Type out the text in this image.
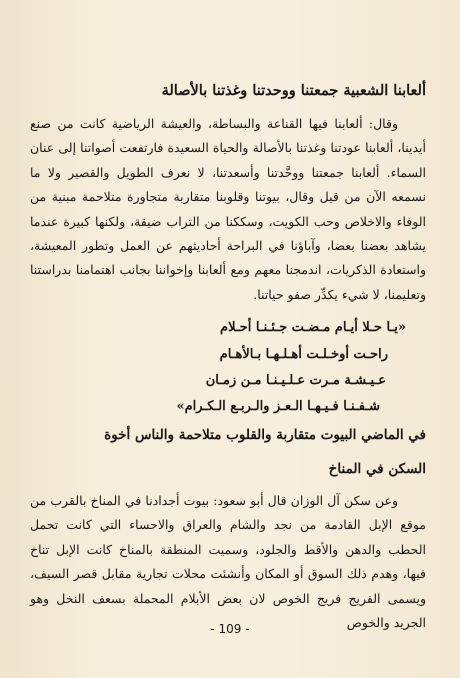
ألعابنا الشعبية جمعتنا ووحدتنا وغذتنا بالأصالة

وقال: ألعابنا فيها القناعة والبساطة، والعيشة الرياضية كانت من صنع أيدينا، ألعابنا عودتنا وغذتنا بالأصالة والحياة السعيدة فارتفعت أصواتنا إلى عنان السماء. ألعابنا جمعتنا ووحَّدتنا وأسعدتنا، لا نعرف الطويل والقصير ولا ما نسمعه الآن من قيل وقال، بيوتنا وقلوبنا متقاربة متجاورة متلاحمة مبنية من الوفاء والاخلاص وحب الكويت، وسككنا من التراب ضيقة، ولكنها كبيرة عندما يشاهد بعضنا بعضا، وآباؤنا في البراحة أحاديثهم عن العمل وتطور المعيشة، واستعادة الذكريات، اندمجنا معهم ومع ألعابنا وإخواننا بجانب اهتمامنا بدراستنا وتعليمنا، لا شيء يكدِّر صفو حياتنا.

«يـا حـلا أيـام مـضـت جـئـنـا أحـلام
راحـت أوخـلـت أهـلـهـا بـالأهـام
عـيـشـة مـرت عـلـيـنـا مـن زمـان
شـفـنـا فـيـهـا الـعـز والـربـع الـكـرام»
في الماضي البيوت متقاربة والقلوب متلاحمة والناس أخوة
السكن في المناخ

وعن سكن آل الوزان قال أبو سعود: بيوت أجدادنا في المناخ بالقرب من موقع الإبل القادمة من نجد والشام والعراق والاحساء التي كانت تحمل الحطب والدهن والأقط والجلود، وسميت المنطقة بالمناخ كانت الإبل تناخ فيها، وهدم ذلك السوق أو المكان وأنشئت محلات تجارية مقابل قصر السيف، ويسمى الفريج فريج الخوص لان بعض الأبلام المحملة بسعف النخل وهو الجريد والخوص

- 109 -
